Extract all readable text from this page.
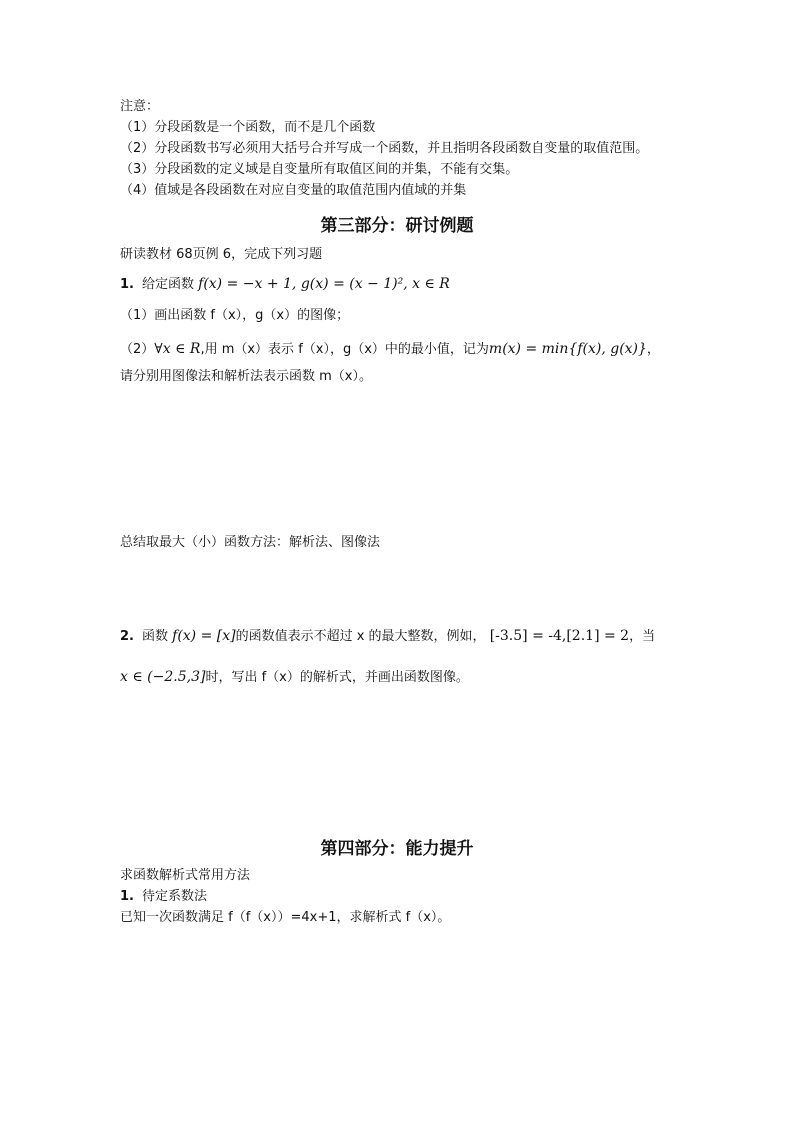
注意：
（1）分段函数是一个函数，而不是几个函数
（2）分段函数书写必须用大括号合并写成一个函数，并且指明各段函数自变量的取值范围。
（3）分段函数的定义域是自变量所有取值区间的并集，不能有交集。
（4）值域是各段函数在对应自变量的取值范围内值域的并集
第三部分：研讨例题
研读教材 68页例 6，完成下列习题
1. 给定函数 f(x) = −x + 1, g(x) = (x − 1)², x ∈ R
（1）画出函数 f（x），g（x）的图像；
（2）∀x ∈ R,用 m（x）表示 f（x），g（x）中的最小值，记为m(x) = min{f(x), g(x)}，
请分别用图像法和解析法表示函数 m（x）。
总结取最大（小）函数方法：解析法、图像法
2. 函数 f(x) = [x]的函数值表示不超过 x 的最大整数，例如， [-3.5] = -4,[2.1] = 2，当
x ∈ (−2.5,3]时，写出 f（x）的解析式，并画出函数图像。
第四部分：能力提升
求函数解析式常用方法
1. 待定系数法
已知一次函数满足 f（f（x））=4x+1，求解析式 f（x）。
